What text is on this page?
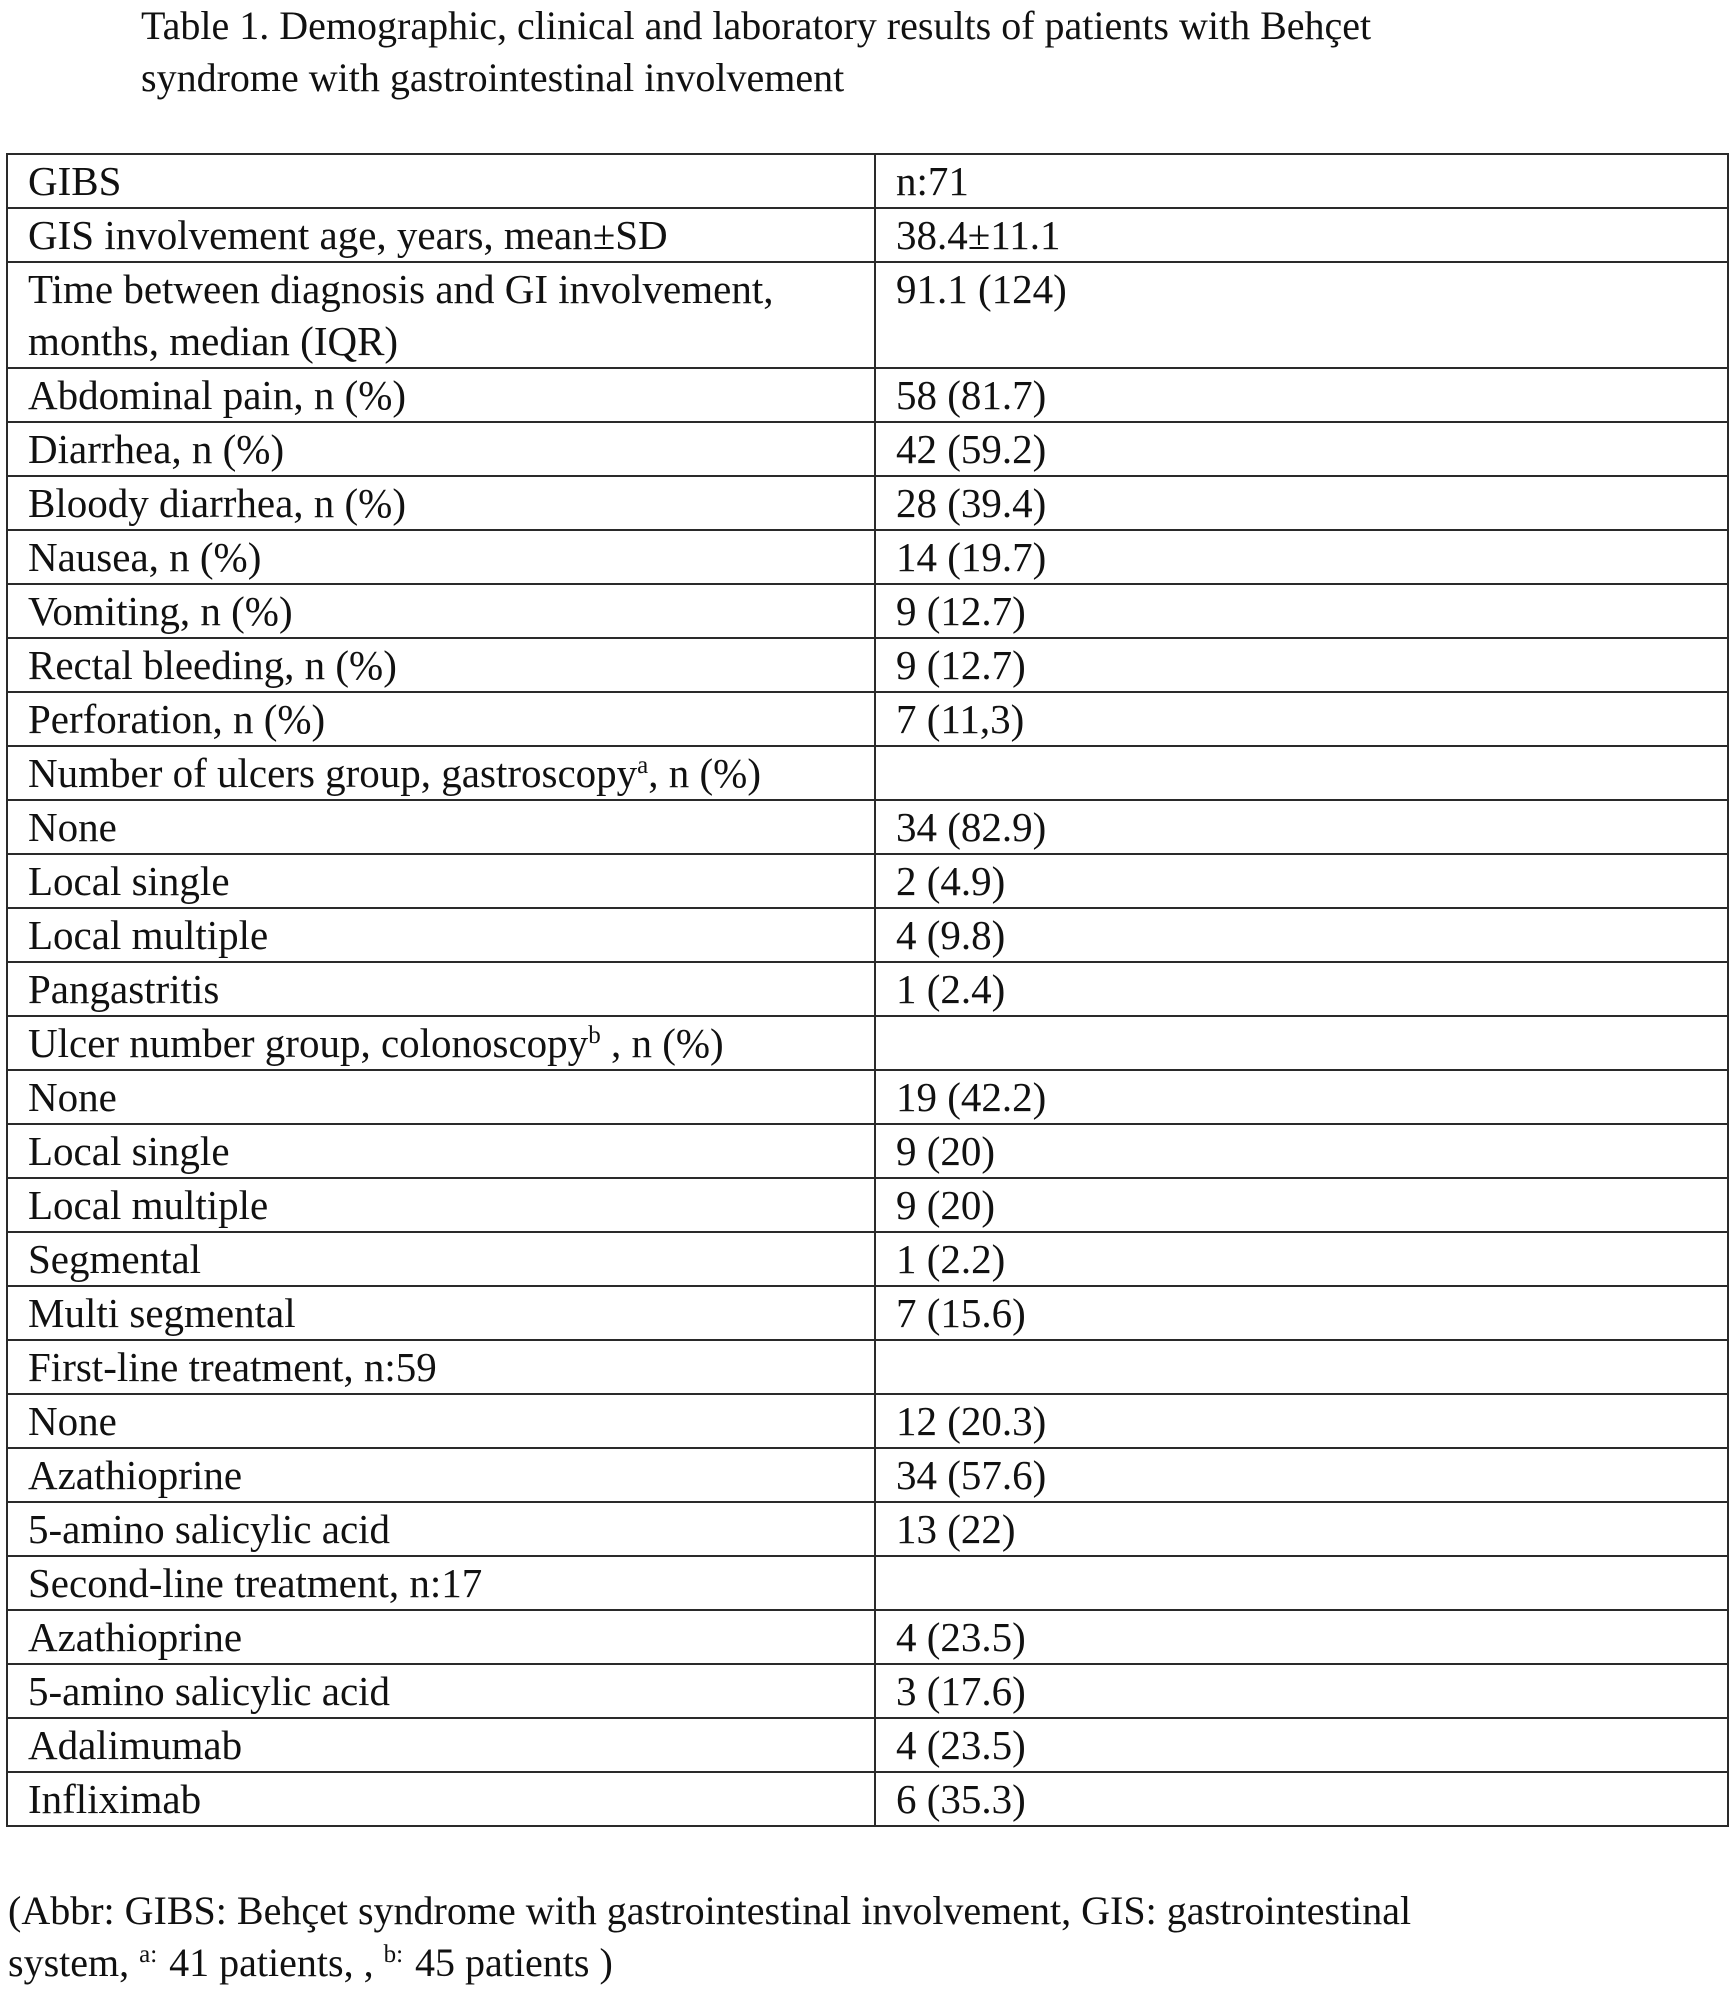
Table 1. Demographic, clinical and laboratory results of patients with Behçet
syndrome with gastrointestinal involvement
GIBS	n:71
GIS involvement age, years, mean±SD	38.4±11.1
Time between diagnosis and GI involvement, months, median (IQR)	91.1 (124)
Abdominal pain, n (%)	58 (81.7)
Diarrhea, n (%)	42 (59.2)
Bloody diarrhea, n (%)	28 (39.4)
Nausea, n (%)	14 (19.7)
Vomiting, n (%)	9 (12.7)
Rectal bleeding, n (%)	9 (12.7)
Perforation, n (%)	7 (11,3)
Number of ulcers group, gastroscopy$^a$, n (%)	
None	34 (82.9)
Local single	2 (4.9)
Local multiple	4 (9.8)
Pangastritis	1 (2.4)
Ulcer number group, colonoscopy$^b$ , n (%)	
None	19 (42.2)
Local single	9 (20)
Local multiple	9 (20)
Segmental	1 (2.2)
Multi segmental	7 (15.6)
First-line treatment, n:59	
None	12 (20.3)
Azathioprine	34 (57.6)
5-amino salicylic acid	13 (22)
Second-line treatment, n:17	
Azathioprine	4 (23.5)
5-amino salicylic acid	3 (17.6)
Adalimumab	4 (23.5)
Infliximab	6 (35.3)
(Abbr: GIBS: Behçet syndrome with gastrointestinal involvement, GIS: gastrointestinal
system, $^{a:}$ 41 patients, , $^{b:}$ 45 patients )
